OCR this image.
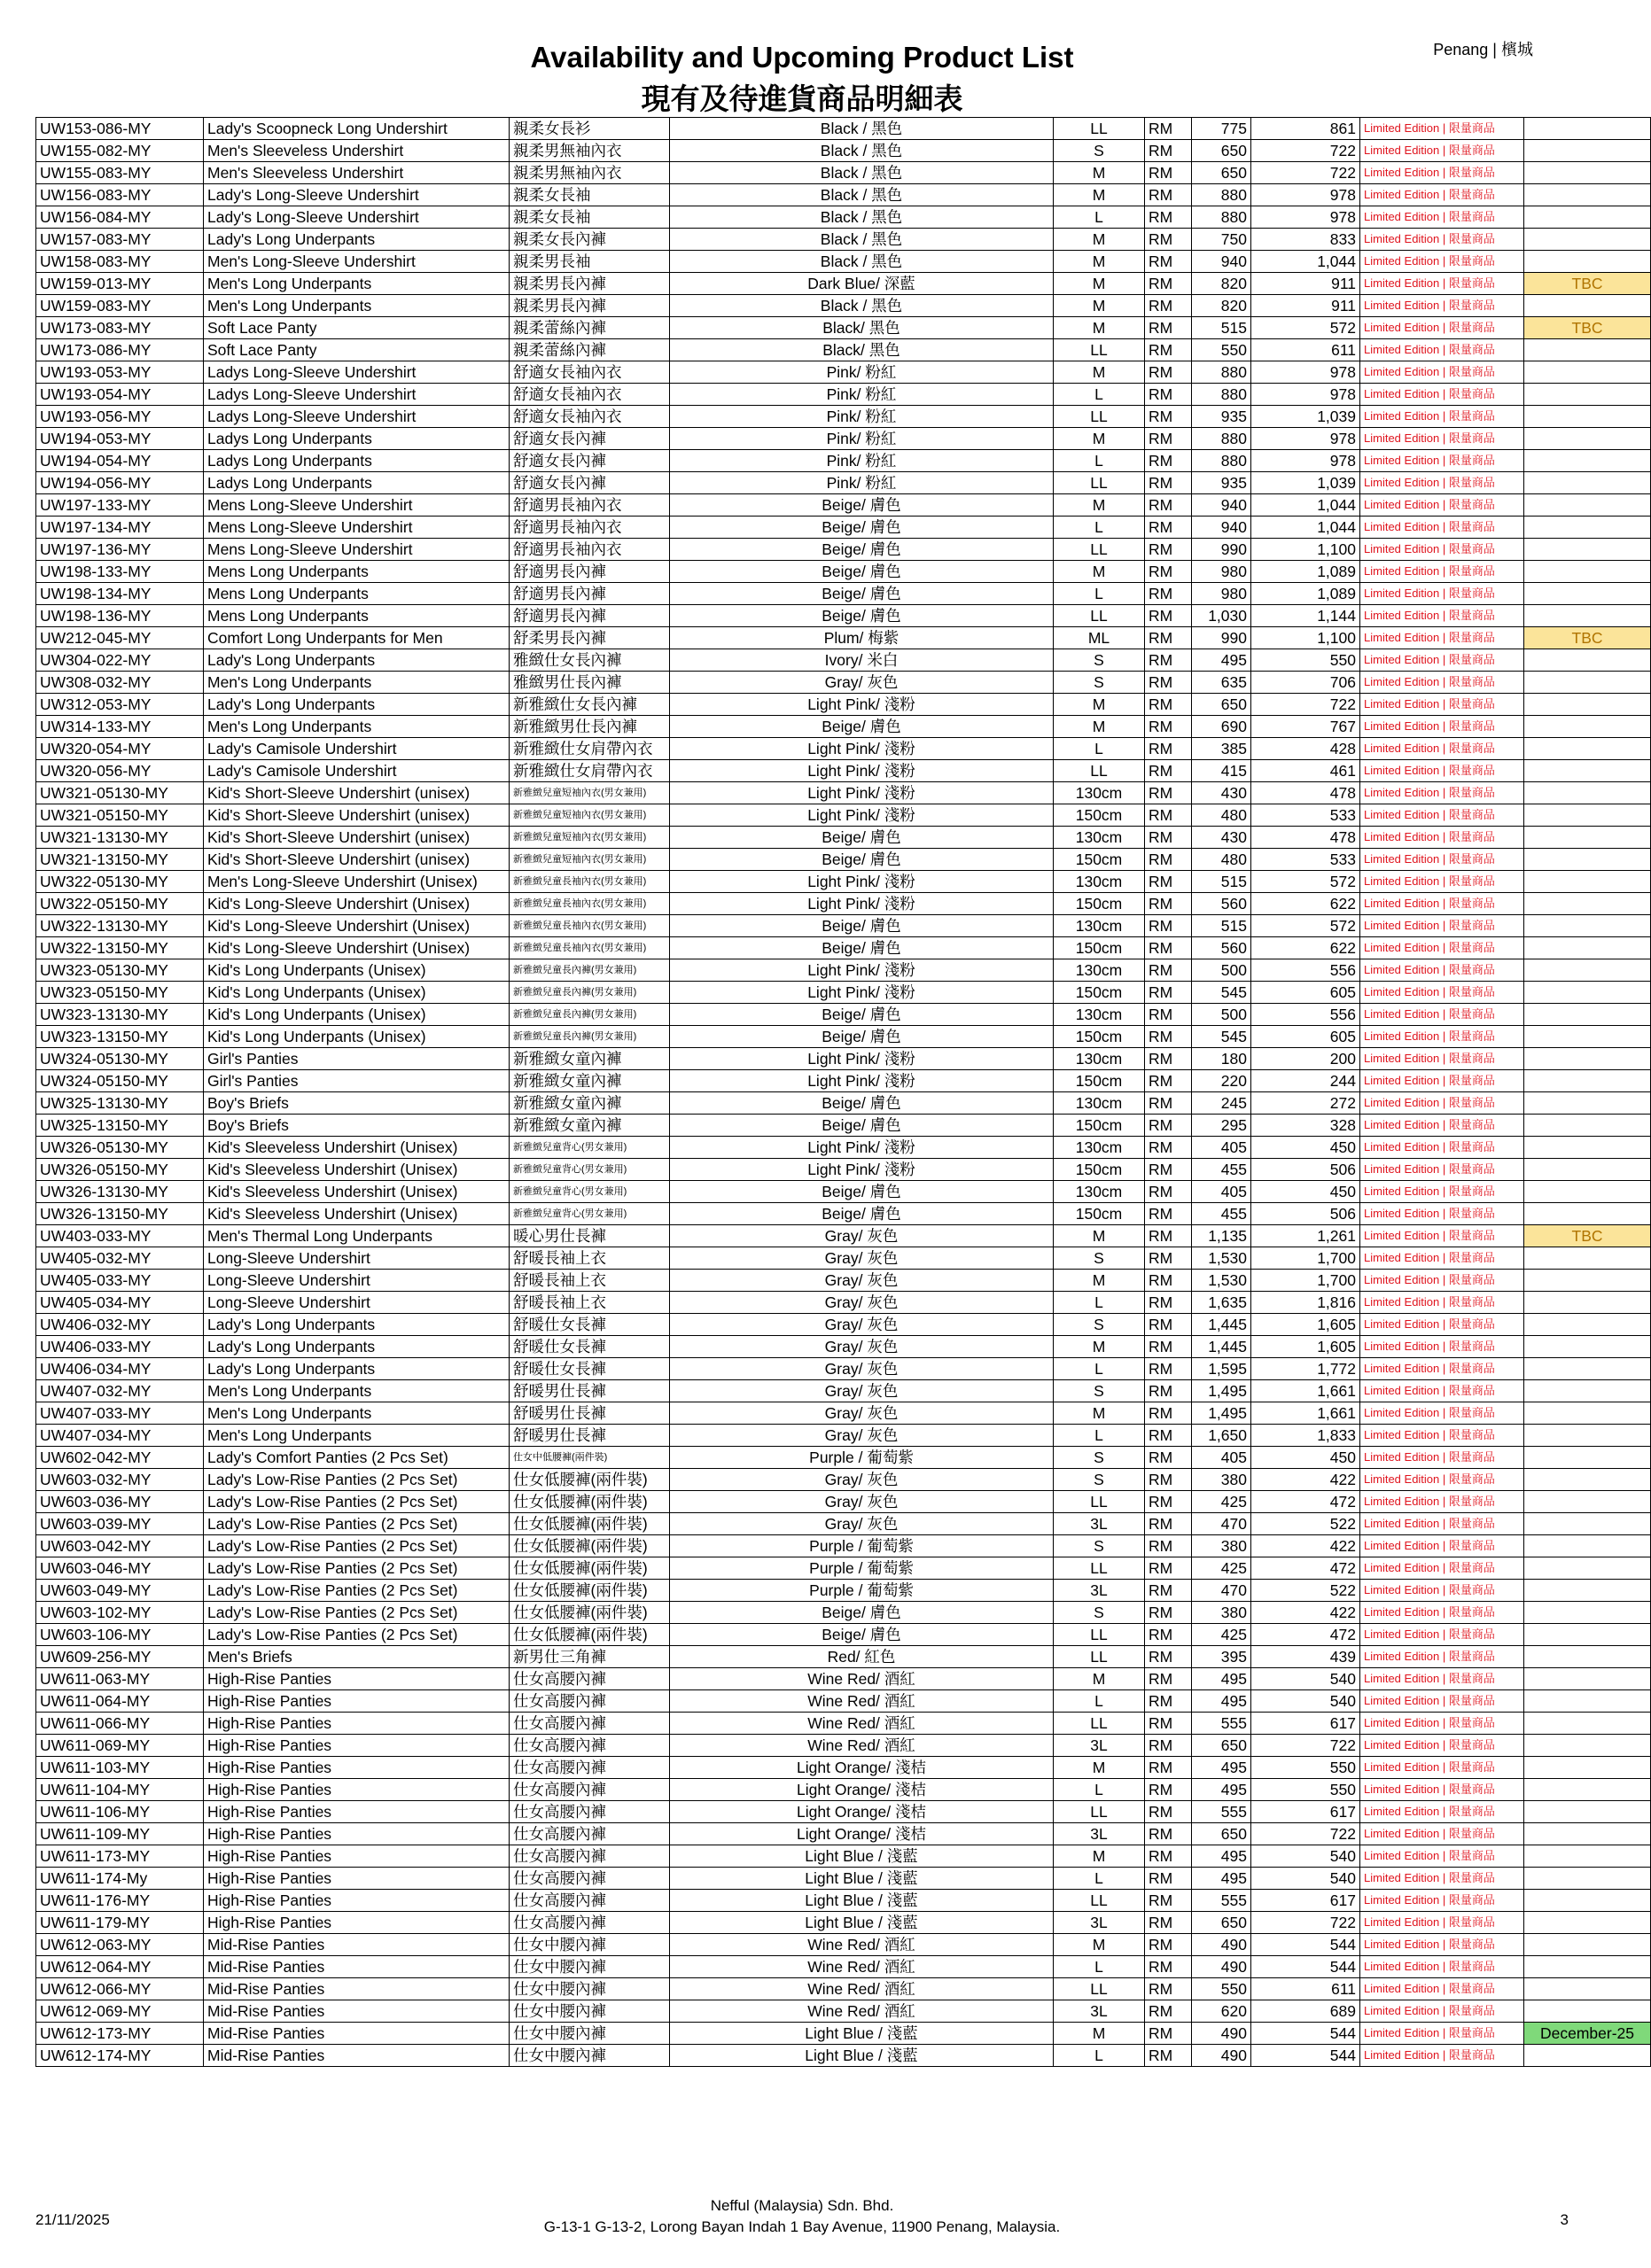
Penang | 檳城
Availability and Upcoming Product List
現有及待進貨商品明細表
UW153-086-MY	Lady's Scoopneck Long Undershirt	親柔女長衫	Black / 黑色	LL	RM	775	861	Limited Edition | 限量商品	
UW155-082-MY	Men's Sleeveless Undershirt	親柔男無袖內衣	Black / 黑色	S	RM	650	722	Limited Edition | 限量商品	
UW155-083-MY	Men's Sleeveless Undershirt	親柔男無袖內衣	Black / 黑色	M	RM	650	722	Limited Edition | 限量商品	
UW156-083-MY	Lady's Long-Sleeve Undershirt	親柔女長袖	Black / 黑色	M	RM	880	978	Limited Edition | 限量商品	
UW156-084-MY	Lady's Long-Sleeve Undershirt	親柔女長袖	Black / 黑色	L	RM	880	978	Limited Edition | 限量商品	
UW157-083-MY	Lady's Long Underpants	親柔女長內褲	Black / 黑色	M	RM	750	833	Limited Edition | 限量商品	
UW158-083-MY	Men's Long-Sleeve Undershirt	親柔男長袖	Black / 黑色	M	RM	940	1,044	Limited Edition | 限量商品	
UW159-013-MY	Men's Long Underpants	親柔男長內褲	Dark Blue/ 深藍	M	RM	820	911	Limited Edition | 限量商品	TBC
UW159-083-MY	Men's Long Underpants	親柔男長內褲	Black / 黑色	M	RM	820	911	Limited Edition | 限量商品	
UW173-083-MY	Soft Lace Panty	親柔蕾絲內褲	Black/ 黑色	M	RM	515	572	Limited Edition | 限量商品	TBC
UW173-086-MY	Soft Lace Panty	親柔蕾絲內褲	Black/ 黑色	LL	RM	550	611	Limited Edition | 限量商品	
UW193-053-MY	Ladys Long-Sleeve Undershirt	舒適女長袖內衣	Pink/ 粉紅	M	RM	880	978	Limited Edition | 限量商品	
UW193-054-MY	Ladys Long-Sleeve Undershirt	舒適女長袖內衣	Pink/ 粉紅	L	RM	880	978	Limited Edition | 限量商品	
UW193-056-MY	Ladys Long-Sleeve Undershirt	舒適女長袖內衣	Pink/ 粉紅	LL	RM	935	1,039	Limited Edition | 限量商品	
UW194-053-MY	Ladys Long Underpants	舒適女長內褲	Pink/ 粉紅	M	RM	880	978	Limited Edition | 限量商品	
UW194-054-MY	Ladys Long Underpants	舒適女長內褲	Pink/ 粉紅	L	RM	880	978	Limited Edition | 限量商品	
UW194-056-MY	Ladys Long Underpants	舒適女長內褲	Pink/ 粉紅	LL	RM	935	1,039	Limited Edition | 限量商品	
UW197-133-MY	Mens Long-Sleeve Undershirt	舒適男長袖內衣	Beige/ 膚色	M	RM	940	1,044	Limited Edition | 限量商品	
UW197-134-MY	Mens Long-Sleeve Undershirt	舒適男長袖內衣	Beige/ 膚色	L	RM	940	1,044	Limited Edition | 限量商品	
UW197-136-MY	Mens Long-Sleeve Undershirt	舒適男長袖內衣	Beige/ 膚色	LL	RM	990	1,100	Limited Edition | 限量商品	
UW198-133-MY	Mens Long Underpants	舒適男長內褲	Beige/ 膚色	M	RM	980	1,089	Limited Edition | 限量商品	
UW198-134-MY	Mens Long Underpants	舒適男長內褲	Beige/ 膚色	L	RM	980	1,089	Limited Edition | 限量商品	
UW198-136-MY	Mens Long Underpants	舒適男長內褲	Beige/ 膚色	LL	RM	1,030	1,144	Limited Edition | 限量商品	
UW212-045-MY	Comfort Long Underpants for Men	舒柔男長內褲	Plum/ 梅紫	ML	RM	990	1,100	Limited Edition | 限量商品	TBC
UW304-022-MY	Lady's Long Underpants	雅緻仕女長內褲	Ivory/ 米白	S	RM	495	550	Limited Edition | 限量商品	
UW308-032-MY	Men's Long Underpants	雅緻男仕長內褲	Gray/ 灰色	S	RM	635	706	Limited Edition | 限量商品	
UW312-053-MY	Lady's Long Underpants	新雅緻仕女長內褲	Light Pink/ 淺粉	M	RM	650	722	Limited Edition | 限量商品	
UW314-133-MY	Men's Long Underpants	新雅緻男仕長內褲	Beige/ 膚色	M	RM	690	767	Limited Edition | 限量商品	
UW320-054-MY	Lady's Camisole Undershirt	新雅緻仕女肩帶內衣	Light Pink/ 淺粉	L	RM	385	428	Limited Edition | 限量商品	
UW320-056-MY	Lady's Camisole Undershirt	新雅緻仕女肩帶內衣	Light Pink/ 淺粉	LL	RM	415	461	Limited Edition | 限量商品	
UW321-05130-MY	Kid's Short-Sleeve Undershirt (unisex)	新雅緻兒童短袖內衣(男女兼用)	Light Pink/ 淺粉	130cm	RM	430	478	Limited Edition | 限量商品	
UW321-05150-MY	Kid's Short-Sleeve Undershirt (unisex)	新雅緻兒童短袖內衣(男女兼用)	Light Pink/ 淺粉	150cm	RM	480	533	Limited Edition | 限量商品	
UW321-13130-MY	Kid's Short-Sleeve Undershirt (unisex)	新雅緻兒童短袖內衣(男女兼用)	Beige/ 膚色	130cm	RM	430	478	Limited Edition | 限量商品	
UW321-13150-MY	Kid's Short-Sleeve Undershirt (unisex)	新雅緻兒童短袖內衣(男女兼用)	Beige/ 膚色	150cm	RM	480	533	Limited Edition | 限量商品	
UW322-05130-MY	Men's Long-Sleeve Undershirt (Unisex)	新雅緻兒童長袖內衣(男女兼用)	Light Pink/ 淺粉	130cm	RM	515	572	Limited Edition | 限量商品	
UW322-05150-MY	Kid's Long-Sleeve Undershirt (Unisex)	新雅緻兒童長袖內衣(男女兼用)	Light Pink/ 淺粉	150cm	RM	560	622	Limited Edition | 限量商品	
UW322-13130-MY	Kid's Long-Sleeve Undershirt (Unisex)	新雅緻兒童長袖內衣(男女兼用)	Beige/ 膚色	130cm	RM	515	572	Limited Edition | 限量商品	
UW322-13150-MY	Kid's Long-Sleeve Undershirt (Unisex)	新雅緻兒童長袖內衣(男女兼用)	Beige/ 膚色	150cm	RM	560	622	Limited Edition | 限量商品	
UW323-05130-MY	Kid's Long Underpants (Unisex)	新雅緻兒童長內褲(男女兼用)	Light Pink/ 淺粉	130cm	RM	500	556	Limited Edition | 限量商品	
UW323-05150-MY	Kid's Long Underpants (Unisex)	新雅緻兒童長內褲(男女兼用)	Light Pink/ 淺粉	150cm	RM	545	605	Limited Edition | 限量商品	
UW323-13130-MY	Kid's Long Underpants (Unisex)	新雅緻兒童長內褲(男女兼用)	Beige/ 膚色	130cm	RM	500	556	Limited Edition | 限量商品	
UW323-13150-MY	Kid's Long Underpants (Unisex)	新雅緻兒童長內褲(男女兼用)	Beige/ 膚色	150cm	RM	545	605	Limited Edition | 限量商品	
UW324-05130-MY	Girl's Panties	新雅緻女童內褲	Light Pink/ 淺粉	130cm	RM	180	200	Limited Edition | 限量商品	
UW324-05150-MY	Girl's Panties	新雅緻女童內褲	Light Pink/ 淺粉	150cm	RM	220	244	Limited Edition | 限量商品	
UW325-13130-MY	Boy's Briefs	新雅緻女童內褲	Beige/ 膚色	130cm	RM	245	272	Limited Edition | 限量商品	
UW325-13150-MY	Boy's Briefs	新雅緻女童內褲	Beige/ 膚色	150cm	RM	295	328	Limited Edition | 限量商品	
UW326-05130-MY	Kid's Sleeveless Undershirt (Unisex)	新雅緻兒童背心(男女兼用)	Light Pink/ 淺粉	130cm	RM	405	450	Limited Edition | 限量商品	
UW326-05150-MY	Kid's Sleeveless Undershirt (Unisex)	新雅緻兒童背心(男女兼用)	Light Pink/ 淺粉	150cm	RM	455	506	Limited Edition | 限量商品	
UW326-13130-MY	Kid's Sleeveless Undershirt (Unisex)	新雅緻兒童背心(男女兼用)	Beige/ 膚色	130cm	RM	405	450	Limited Edition | 限量商品	
UW326-13150-MY	Kid's Sleeveless Undershirt (Unisex)	新雅緻兒童背心(男女兼用)	Beige/ 膚色	150cm	RM	455	506	Limited Edition | 限量商品	
UW403-033-MY	Men's Thermal Long Underpants	暖心男仕長褲	Gray/ 灰色	M	RM	1,135	1,261	Limited Edition | 限量商品	TBC
UW405-032-MY	Long-Sleeve Undershirt	舒暖長袖上衣	Gray/ 灰色	S	RM	1,530	1,700	Limited Edition | 限量商品	
UW405-033-MY	Long-Sleeve Undershirt	舒暖長袖上衣	Gray/ 灰色	M	RM	1,530	1,700	Limited Edition | 限量商品	
UW405-034-MY	Long-Sleeve Undershirt	舒暖長袖上衣	Gray/ 灰色	L	RM	1,635	1,816	Limited Edition | 限量商品	
UW406-032-MY	Lady's Long Underpants	舒暖仕女長褲	Gray/ 灰色	S	RM	1,445	1,605	Limited Edition | 限量商品	
UW406-033-MY	Lady's Long Underpants	舒暖仕女長褲	Gray/ 灰色	M	RM	1,445	1,605	Limited Edition | 限量商品	
UW406-034-MY	Lady's Long Underpants	舒暖仕女長褲	Gray/ 灰色	L	RM	1,595	1,772	Limited Edition | 限量商品	
UW407-032-MY	Men's Long Underpants	舒暖男仕長褲	Gray/ 灰色	S	RM	1,495	1,661	Limited Edition | 限量商品	
UW407-033-MY	Men's Long Underpants	舒暖男仕長褲	Gray/ 灰色	M	RM	1,495	1,661	Limited Edition | 限量商品	
UW407-034-MY	Men's Long Underpants	舒暖男仕長褲	Gray/ 灰色	L	RM	1,650	1,833	Limited Edition | 限量商品	
UW602-042-MY	Lady's Comfort Panties (2 Pcs Set)	仕女中低腰褲(兩件裝)	Purple / 葡萄紫	S	RM	405	450	Limited Edition | 限量商品	
UW603-032-MY	Lady's Low-Rise Panties (2 Pcs Set)	仕女低腰褲(兩件裝)	Gray/ 灰色	S	RM	380	422	Limited Edition | 限量商品	
UW603-036-MY	Lady's Low-Rise Panties (2 Pcs Set)	仕女低腰褲(兩件裝)	Gray/ 灰色	LL	RM	425	472	Limited Edition | 限量商品	
UW603-039-MY	Lady's Low-Rise Panties (2 Pcs Set)	仕女低腰褲(兩件裝)	Gray/ 灰色	3L	RM	470	522	Limited Edition | 限量商品	
UW603-042-MY	Lady's Low-Rise Panties (2 Pcs Set)	仕女低腰褲(兩件裝)	Purple / 葡萄紫	S	RM	380	422	Limited Edition | 限量商品	
UW603-046-MY	Lady's Low-Rise Panties (2 Pcs Set)	仕女低腰褲(兩件裝)	Purple / 葡萄紫	LL	RM	425	472	Limited Edition | 限量商品	
UW603-049-MY	Lady's Low-Rise Panties (2 Pcs Set)	仕女低腰褲(兩件裝)	Purple / 葡萄紫	3L	RM	470	522	Limited Edition | 限量商品	
UW603-102-MY	Lady's Low-Rise Panties (2 Pcs Set)	仕女低腰褲(兩件裝)	Beige/ 膚色	S	RM	380	422	Limited Edition | 限量商品	
UW603-106-MY	Lady's Low-Rise Panties (2 Pcs Set)	仕女低腰褲(兩件裝)	Beige/ 膚色	LL	RM	425	472	Limited Edition | 限量商品	
UW609-256-MY	Men's Briefs	新男仕三角褲	Red/ 紅色	LL	RM	395	439	Limited Edition | 限量商品	
UW611-063-MY	High-Rise Panties	仕女高腰內褲	Wine Red/ 酒紅	M	RM	495	540	Limited Edition | 限量商品	
UW611-064-MY	High-Rise Panties	仕女高腰內褲	Wine Red/ 酒紅	L	RM	495	540	Limited Edition | 限量商品	
UW611-066-MY	High-Rise Panties	仕女高腰內褲	Wine Red/ 酒紅	LL	RM	555	617	Limited Edition | 限量商品	
UW611-069-MY	High-Rise Panties	仕女高腰內褲	Wine Red/ 酒紅	3L	RM	650	722	Limited Edition | 限量商品	
UW611-103-MY	High-Rise Panties	仕女高腰內褲	Light Orange/ 淺桔	M	RM	495	550	Limited Edition | 限量商品	
UW611-104-MY	High-Rise Panties	仕女高腰內褲	Light Orange/ 淺桔	L	RM	495	550	Limited Edition | 限量商品	
UW611-106-MY	High-Rise Panties	仕女高腰內褲	Light Orange/ 淺桔	LL	RM	555	617	Limited Edition | 限量商品	
UW611-109-MY	High-Rise Panties	仕女高腰內褲	Light Orange/ 淺桔	3L	RM	650	722	Limited Edition | 限量商品	
UW611-173-MY	High-Rise Panties	仕女高腰內褲	Light Blue / 淺藍	M	RM	495	540	Limited Edition | 限量商品	
UW611-174-My	High-Rise Panties	仕女高腰內褲	Light Blue / 淺藍	L	RM	495	540	Limited Edition | 限量商品	
UW611-176-MY	High-Rise Panties	仕女高腰內褲	Light Blue / 淺藍	LL	RM	555	617	Limited Edition | 限量商品	
UW611-179-MY	High-Rise Panties	仕女高腰內褲	Light Blue / 淺藍	3L	RM	650	722	Limited Edition | 限量商品	
UW612-063-MY	Mid-Rise Panties	仕女中腰內褲	Wine Red/ 酒紅	M	RM	490	544	Limited Edition | 限量商品	
UW612-064-MY	Mid-Rise Panties	仕女中腰內褲	Wine Red/ 酒紅	L	RM	490	544	Limited Edition | 限量商品	
UW612-066-MY	Mid-Rise Panties	仕女中腰內褲	Wine Red/ 酒紅	LL	RM	550	611	Limited Edition | 限量商品	
UW612-069-MY	Mid-Rise Panties	仕女中腰內褲	Wine Red/ 酒紅	3L	RM	620	689	Limited Edition | 限量商品	
UW612-173-MY	Mid-Rise Panties	仕女中腰內褲	Light Blue / 淺藍	M	RM	490	544	Limited Edition | 限量商品	December-25
UW612-174-MY	Mid-Rise Panties	仕女中腰內褲	Light Blue / 淺藍	L	RM	490	544	Limited Edition | 限量商品	
Nefful (Malaysia) Sdn. Bhd.
G-13-1 G-13-2, Lorong Bayan Indah 1 Bay Avenue, 11900 Penang, Malaysia.
21/11/2025	3
